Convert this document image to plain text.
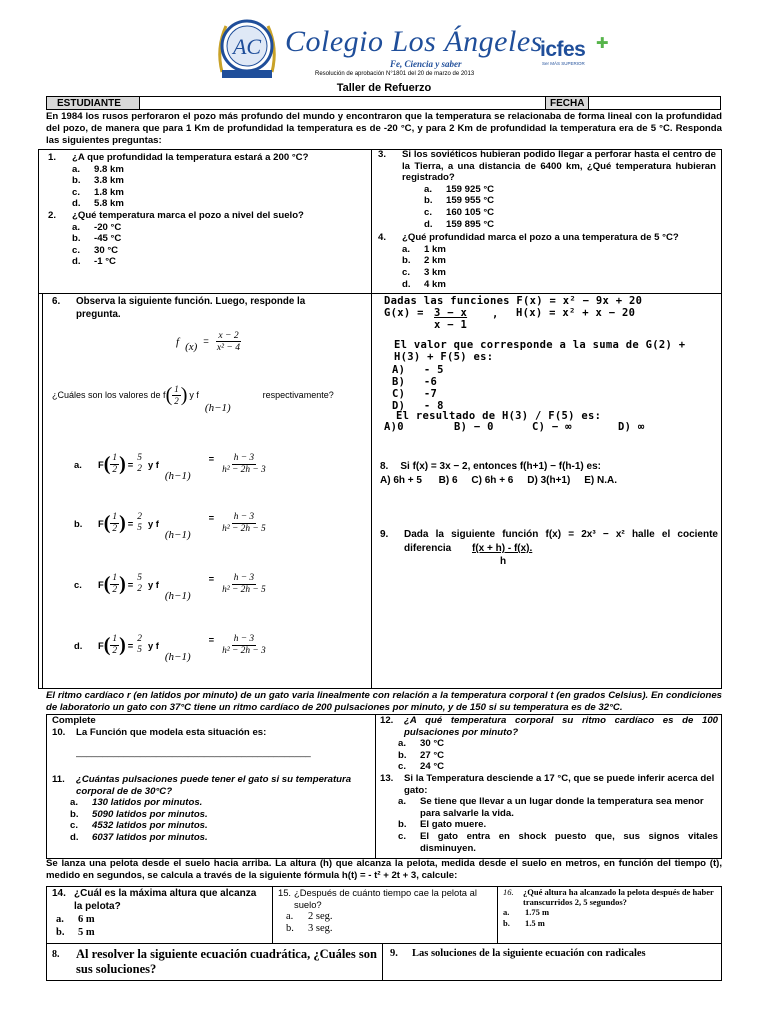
AC Colegio Los Ángeles
Fe, Ciencia y saber
Resolución de aprobación N°1801 del 20 de marzo de 2013
icfes ✚
Ser MÁS SUPERIOR
Taller de Refuerzo
ESTUDIANTE	FECHA
En 1984 los rusos perforaron el pozo más profundo del mundo y encontraron que la temperatura se relacionaba de forma lineal con la profundidad del pozo, de manera que para 1 Km de profundidad la temperatura es de -20 °C, y para 2 Km de profundidad la temperatura era de 5 °C. Responda las siguientes preguntas:
1.	¿A que profundidad la temperatura estará a 200 °C?
a.	9.8 km
b.	3.8 km
c.	1.8 km
d.	5.8 km
2.	¿Qué temperatura marca el pozo a nivel del suelo?
a.	-20 °C
b.	-45 °C
c.	30 °C
d.	-1 °C
3.	Si los soviéticos hubieran podido llegar a perforar hasta el centro de la Tierra, a una distancia de 6400 km, ¿Qué temperatura hubieran registrado?
a.	159 925 °C
b.	159 955 °C
c.	160 105 °C
d.	159 895 °C
4.	¿Qué profundidad marca el pozo a una temperatura de 5 °C?
a.	1 km
b.	2 km
c.	3 km
d.	4 km
6.	Observa la siguiente función. Luego, responde la pregunta.
f $(x) = \frac{x - 2}{\text{x² − 4}}$
¿Cuáles son los valores de f ( $\frac{1}{2}$ ) y f
(h−1)
respectivamente?
a.	F ( $\frac{1}{2}$ ) =
5
2 y f
(h−1)
= $\frac{h - 3}{\text{h² − 2h − 3}}$
b.	F ( $\frac{1}{2}$ ) =
2
5 y f
(h−1)
= $\frac{h - 3}{\text{h² − 2h − 5}}$
c.	F ( $\frac{1}{2}$ ) =
5
2 y f
(h−1)
= $\frac{h - 3}{\text{h² − 2h − 5}}$
d.	F ( $\frac{1}{2}$ ) =
2
5 y f
(h−1)
= $\frac{h - 3}{\text{h² − 2h − 3}}$
Dadas las funciones F(x) = x² − 9x + 20
G(x) = 3 − x
x − 1
, H(x) = x² + x − 20
El valor que corresponde a la suma de G(2) + H(3) + F(5) es:
A) - 5
B) -6
C) -7
D) - 8
El resultado de H(3) / F(5) es:
A)0	B) − 0	C) − ∞	D) ∞
8. Si f(x) = 3x − 2, entonces f(h+1) − f(h-1) es:
A) 6h + 5      B) 6     C) 6h + 6     D) 3(h+1)     E) N.A.
9.	Dada la siguiente función f(x) = 2x³ − x² halle el cociente diferencia	f(x + h) - f(x).
h
El ritmo cardíaco r (en latidos por minuto) de un gato varia linealmente con relación a la temperatura corporal t (en grados Celsius). En condiciones de laboratorio un gato con 37°C tiene un ritmo cardíaco de 200 pulsaciones por minuto, y de 150 si su temperatura es de 32°C.
Complete
10.	La Función que modela esta situación es:
____________________________________________
11.	¿Cuántas pulsaciones puede tener el gato si su temperatura corporal de de 30°C?
a.	130 latidos por minutos.
b.	5090 latidos por minutos.
c.	4532 latidos por minutos.
d.	6037 latidos por minutos.
12.	¿A qué temperatura corporal su ritmo cardíaco es de 100 pulsaciones por minuto?
a.	30 °C
b.	27 °C
c.	24 °C
13.	Si la Temperatura desciende a 17 °C, que se puede inferir acerca del gato:
a.	Se tiene que llevar a un lugar donde la temperatura sea menor para salvarle la vida.
b.	El gato muere.
c.	El gato entra en shock puesto que, sus signos vitales disminuyen.
Se lanza una pelota desde el suelo hacia arriba. La altura (h) que alcanza la pelota, medida desde el suelo en metros, en función del tiempo (t), medido en segundos, se calcula a través de la siguiente fórmula h(t) = - t² + 2t + 3, calcule:
14. ¿Cuál es la máxima altura que alcanza la pelota?
a.	6 m
b.	5 m
15. ¿Después de cuánto tiempo cae la pelota al suelo?
a.	2 seg.
b.	3 seg.
16.	¿Qué altura ha alcanzado la pelota después de haber transcurridos 2, 5 segundos?
a.	1.75 m
b.	1.5 m
8.	Al resolver la siguiente ecuación cuadrática, ¿Cuáles son sus soluciones?
9.	Las soluciones de la siguiente ecuación con radicales
